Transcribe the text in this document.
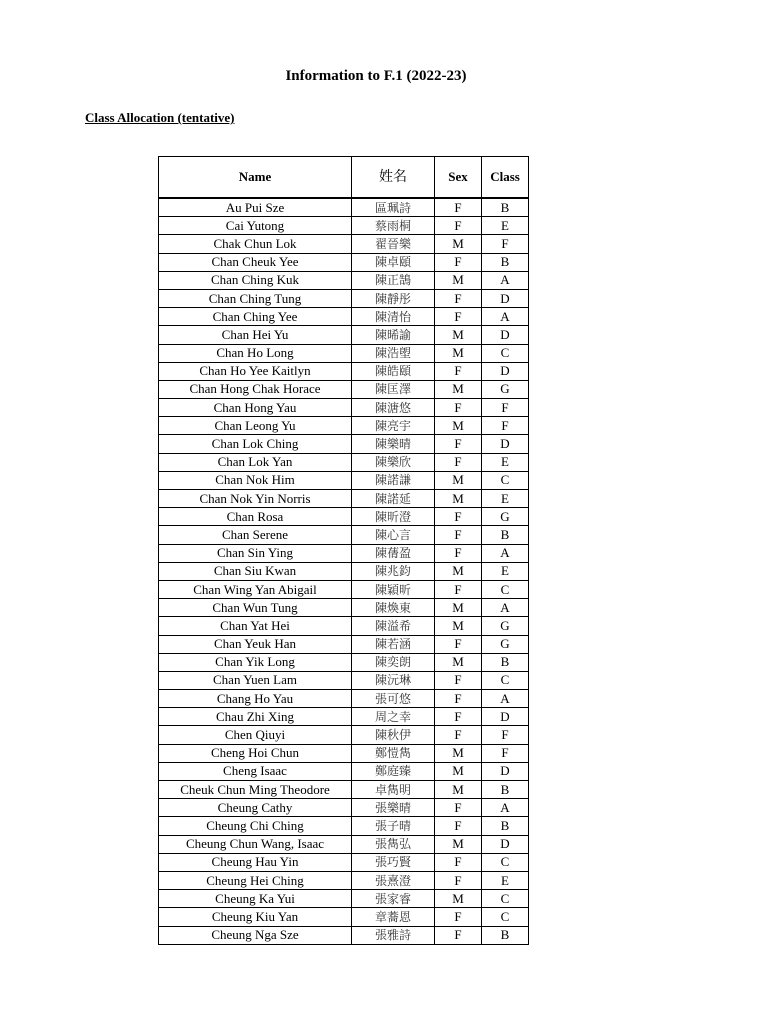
Information to F.1 (2022-23)
Class Allocation (tentative)
Name	姓名	Sex	Class
Au Pui Sze	區珮詩	F	B
Cai Yutong	蔡雨桐	F	E
Chak Chun Lok	翟晉樂	M	F
Chan Cheuk Yee	陳卓頤	F	B
Chan Ching Kuk	陳正鵠	M	A
Chan Ching Tung	陳靜彤	F	D
Chan Ching Yee	陳清怡	F	A
Chan Hei Yu	陳晞諭	M	D
Chan Ho Long	陳浩塱	M	C
Chan Ho Yee Kaitlyn	陳皓頤	F	D
Chan Hong Chak Horace	陳匡澤	M	G
Chan Hong Yau	陳溏悠	F	F
Chan Leong Yu	陳亮宇	M	F
Chan Lok Ching	陳樂晴	F	D
Chan Lok Yan	陳樂欣	F	E
Chan Nok Him	陳諾謙	M	C
Chan Nok Yin Norris	陳諾延	M	E
Chan Rosa	陳昕澄	F	G
Chan Serene	陳心言	F	B
Chan Sin Ying	陳蒨盈	F	A
Chan Siu Kwan	陳兆鈞	M	E
Chan Wing Yan Abigail	陳穎昕	F	C
Chan Wun Tung	陳煥東	M	A
Chan Yat Hei	陳溢希	M	G
Chan Yeuk Han	陳若涵	F	G
Chan Yik Long	陳奕朗	M	B
Chan Yuen Lam	陳沅琳	F	C
Chang Ho Yau	張可悠	F	A
Chau Zhi Xing	周之幸	F	D
Chen Qiuyi	陳秋伊	F	F
Cheng Hoi Chun	鄭愷雋	M	F
Cheng Isaac	鄭庭臻	M	D
Cheuk Chun Ming Theodore	卓雋明	M	B
Cheung Cathy	張樂晴	F	A
Cheung Chi Ching	張子晴	F	B
Cheung Chun Wang, Isaac	張雋弘	M	D
Cheung Hau Yin	張巧賢	F	C
Cheung Hei Ching	張熹澄	F	E
Cheung Ka Yui	張家睿	M	C
Cheung Kiu Yan	章蕎恩	F	C
Cheung Nga Sze	張雅詩	F	B
